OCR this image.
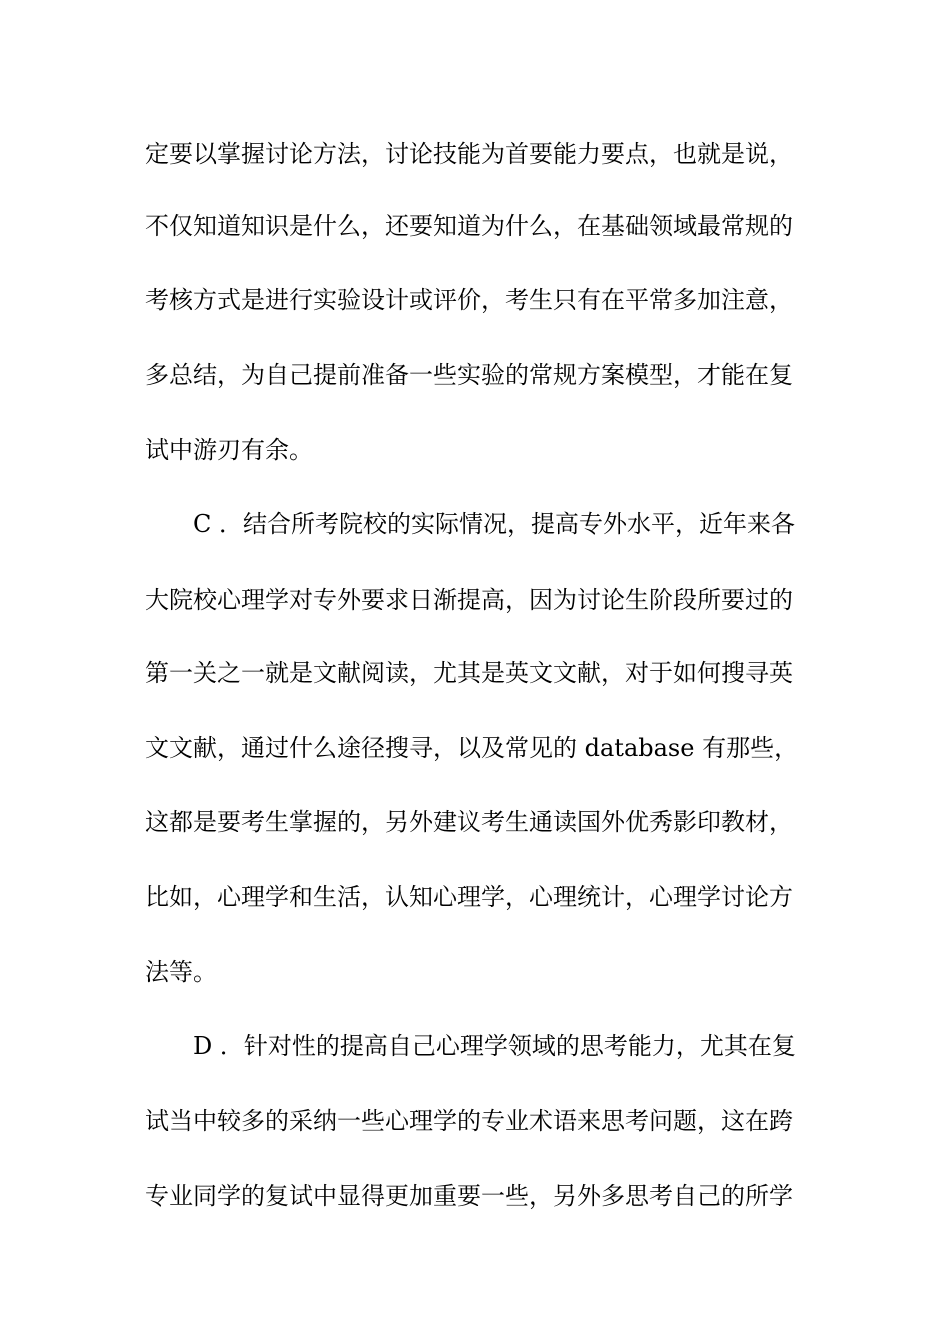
定要以掌握讨论方法，讨论技能为首要能力要点，也就是说，
不仅知道知识是什么，还要知道为什么，在基础领域最常规的
考核方式是进行实验设计或评价，考生只有在平常多加注意，
多总结，为自己提前准备一些实验的常规方案模型，才能在复
试中游刃有余。
C ．结合所考院校的实际情况，提高专外水平，近年来各
大院校心理学对专外要求日渐提高，因为讨论生阶段所要过的
第一关之一就是文献阅读，尤其是英文文献，对于如何搜寻英
文文献，通过什么途径搜寻，以及常见的 database 有那些，
这都是要考生掌握的，另外建议考生通读国外优秀影印教材，
比如，心理学和生活，认知心理学，心理统计，心理学讨论方
法等。
D ．针对性的提高自己心理学领域的思考能力，尤其在复
试当中较多的采纳一些心理学的专业术语来思考问题，这在跨
专业同学的复试中显得更加重要一些，另外多思考自己的所学
